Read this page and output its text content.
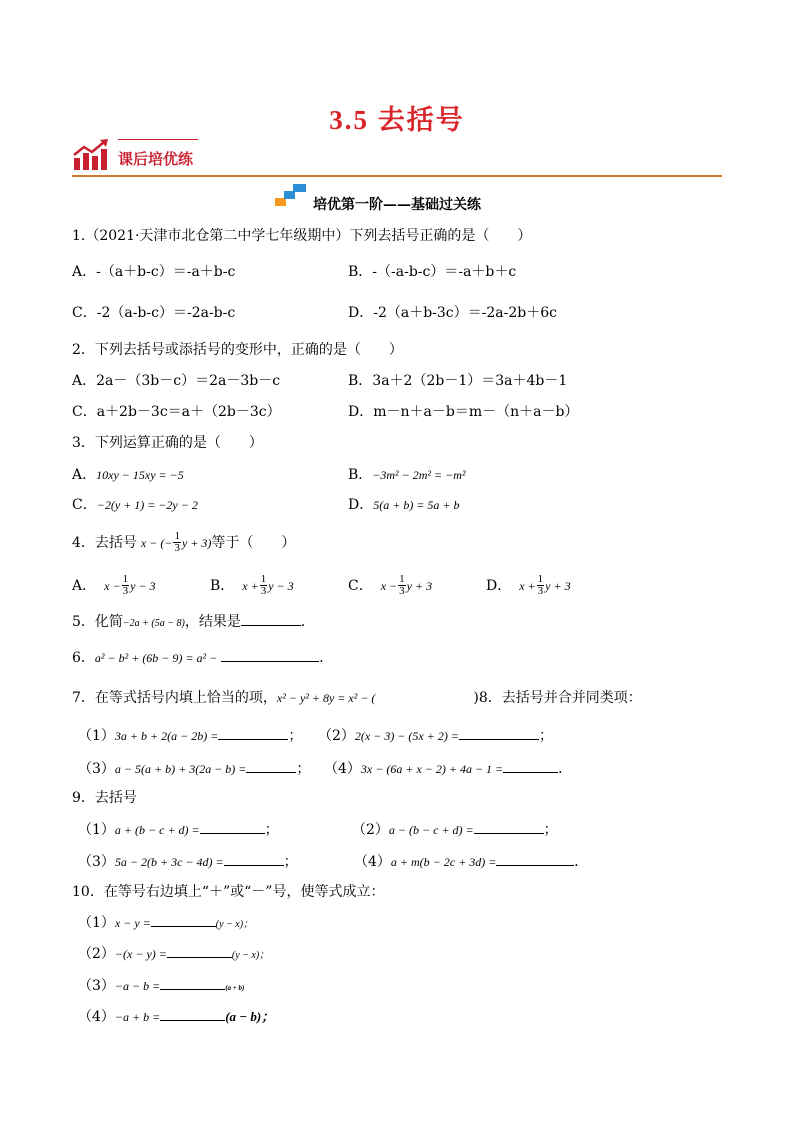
3.5 去括号
课后培优练
培优第一阶——基础过关练
1.（2021·天津市北仓第二中学七年级期中）下列去括号正确的是（　　）
A．-（a＋b-c）＝-a＋b-c	B．-（-a-b-c）＝-a＋b＋c
C．-2（a-b-c）＝-2a-b-c	D．-2（a＋b-3c）＝-2a-2b＋6c
2．下列去括号或添括号的变形中，正确的是（　　）
A．2a－（3b－c）＝2a－3b－c	B．3a＋2（2b－1）＝3a＋4b－1
C．a＋2b－3c＝a＋（2b－3c）	D．m－n＋a－b＝m－（n＋a－b）
3．下列运算正确的是（　　）
A．10xy − 15xy = −5	B．−3m² − 2m² = −m²
C．−2(y + 1) = −2y − 2	D．5(a + b) = 5a + b
4．去括号 x − (− $\frac{1}{3}$ y + 3) 等于（　　）
A． $x - \frac{1}{3}$ y − 3	B． $x + \frac{1}{3}$ y − 3	C． $x - \frac{1}{3}$ y + 3	D． $x + \frac{1}{3}$ y + 3
5．化简−2a + (5a − 8)，结果是	．
6．a² − b² + (6b − 9) = a² −	．
7．在等式括号内填上恰当的项，x² − y² + 8y = x² − (	)8．去括号并合并同类项：
（1）3a + b + 2(a − 2b) =	； （2）2(x − 3) − (5x + 2) =	；
（3）a − 5(a + b) + 3(2a − b) =	； （4）3x − (6a + x − 2) + 4a − 1 =	．
9．去括号
（1）a + (b − c + d) =	；	（2）a − (b − c + d) =	；
（3）5a − 2(b + 3c − 4d) =	；	（4）a + m(b − 2c + 3d) =	．
10．在等号右边填上“＋”或“－”号，使等式成立：
（1）x − y =	(y − x)；
（2）−(x − y) =	(y − x)；
（3）−a − b =	(a + b)
（4）−a + b =	(a − b)；
